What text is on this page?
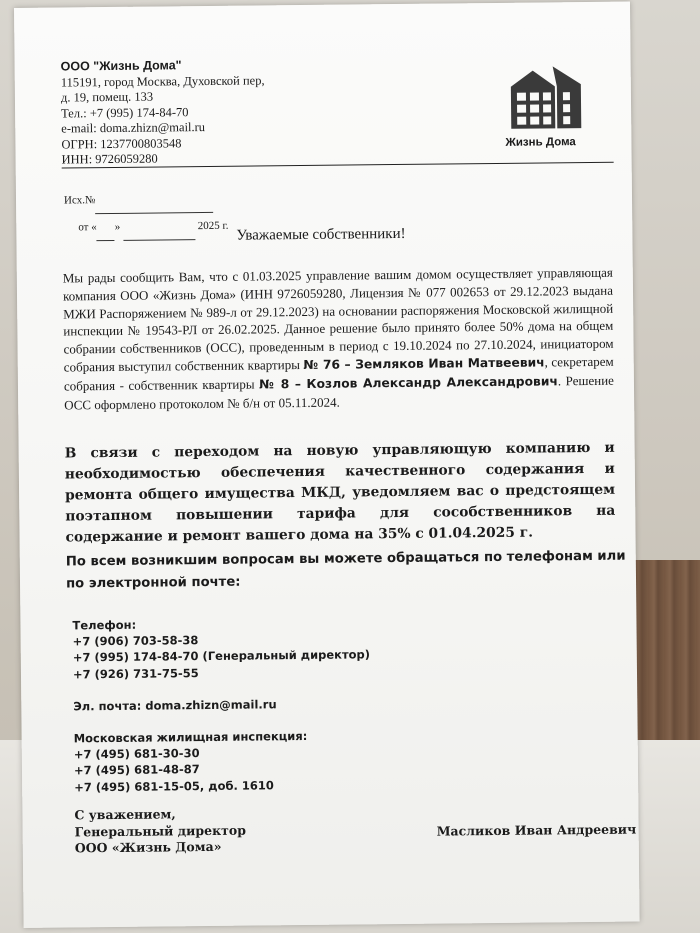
ООО "Жизнь Дома"
115191, город Москва, Духовской пер,
д. 19, помещ. 133
Тел.: +7 (995) 174-84-70
e-mail: doma.zhizn@mail.ru
ОГРН: 1237700803548
ИНН: 9726059280
Жизнь Дома
Исх.№
от « »	2025 г. Уважаемые собственники!
Мы рады сообщить Вам, что с 01.03.2025 управление вашим домом осуществляет управляющая компания ООО «Жизнь Дома» (ИНН 9726059280, Лицензия № 077 002653 от 29.12.2023 выдана МЖИ Распоряжением № 989-л от 29.12.2023) на основании распоряжения Московской жилищной инспекции № 19543-РЛ от 26.02.2025. Данное решение было принято более 50% дома на общем собрании собственников (ОСС), проведенным в период с 19.10.2024 по 27.10.2024, инициатором собрания выступил собственник квартиры № 76 – Земляков Иван Матвеевич, секретарем собрания - собственник квартиры № 8 – Козлов Александр Александрович. Решение ОСС оформлено протоколом № б/н от 05.11.2024.
В связи с переходом на новую управляющую компанию и необходимостью обеспечения качественного содержания и ремонта общего имущества МКД, уведомляем вас о предстоящем поэтапном повышении тарифа для сособственников на содержание и ремонт вашего дома на 35% с 01.04.2025 г.
По всем возникшим вопросам вы можете обращаться по телефонам или по электронной почте:
Телефон:
+7 (906) 703-58-38
+7 (995) 174-84-70 (Генеральный директор)
+7 (926) 731-75-55
Эл. почта: doma.zhizn@mail.ru
Московская жилищная инспекция:
+7 (495) 681-30-30
+7 (495) 681-48-87
+7 (495) 681-15-05, доб. 1610
С уважением,
Генеральный директор
ООО «Жизнь Дома»
Масликов Иван Андреевич
